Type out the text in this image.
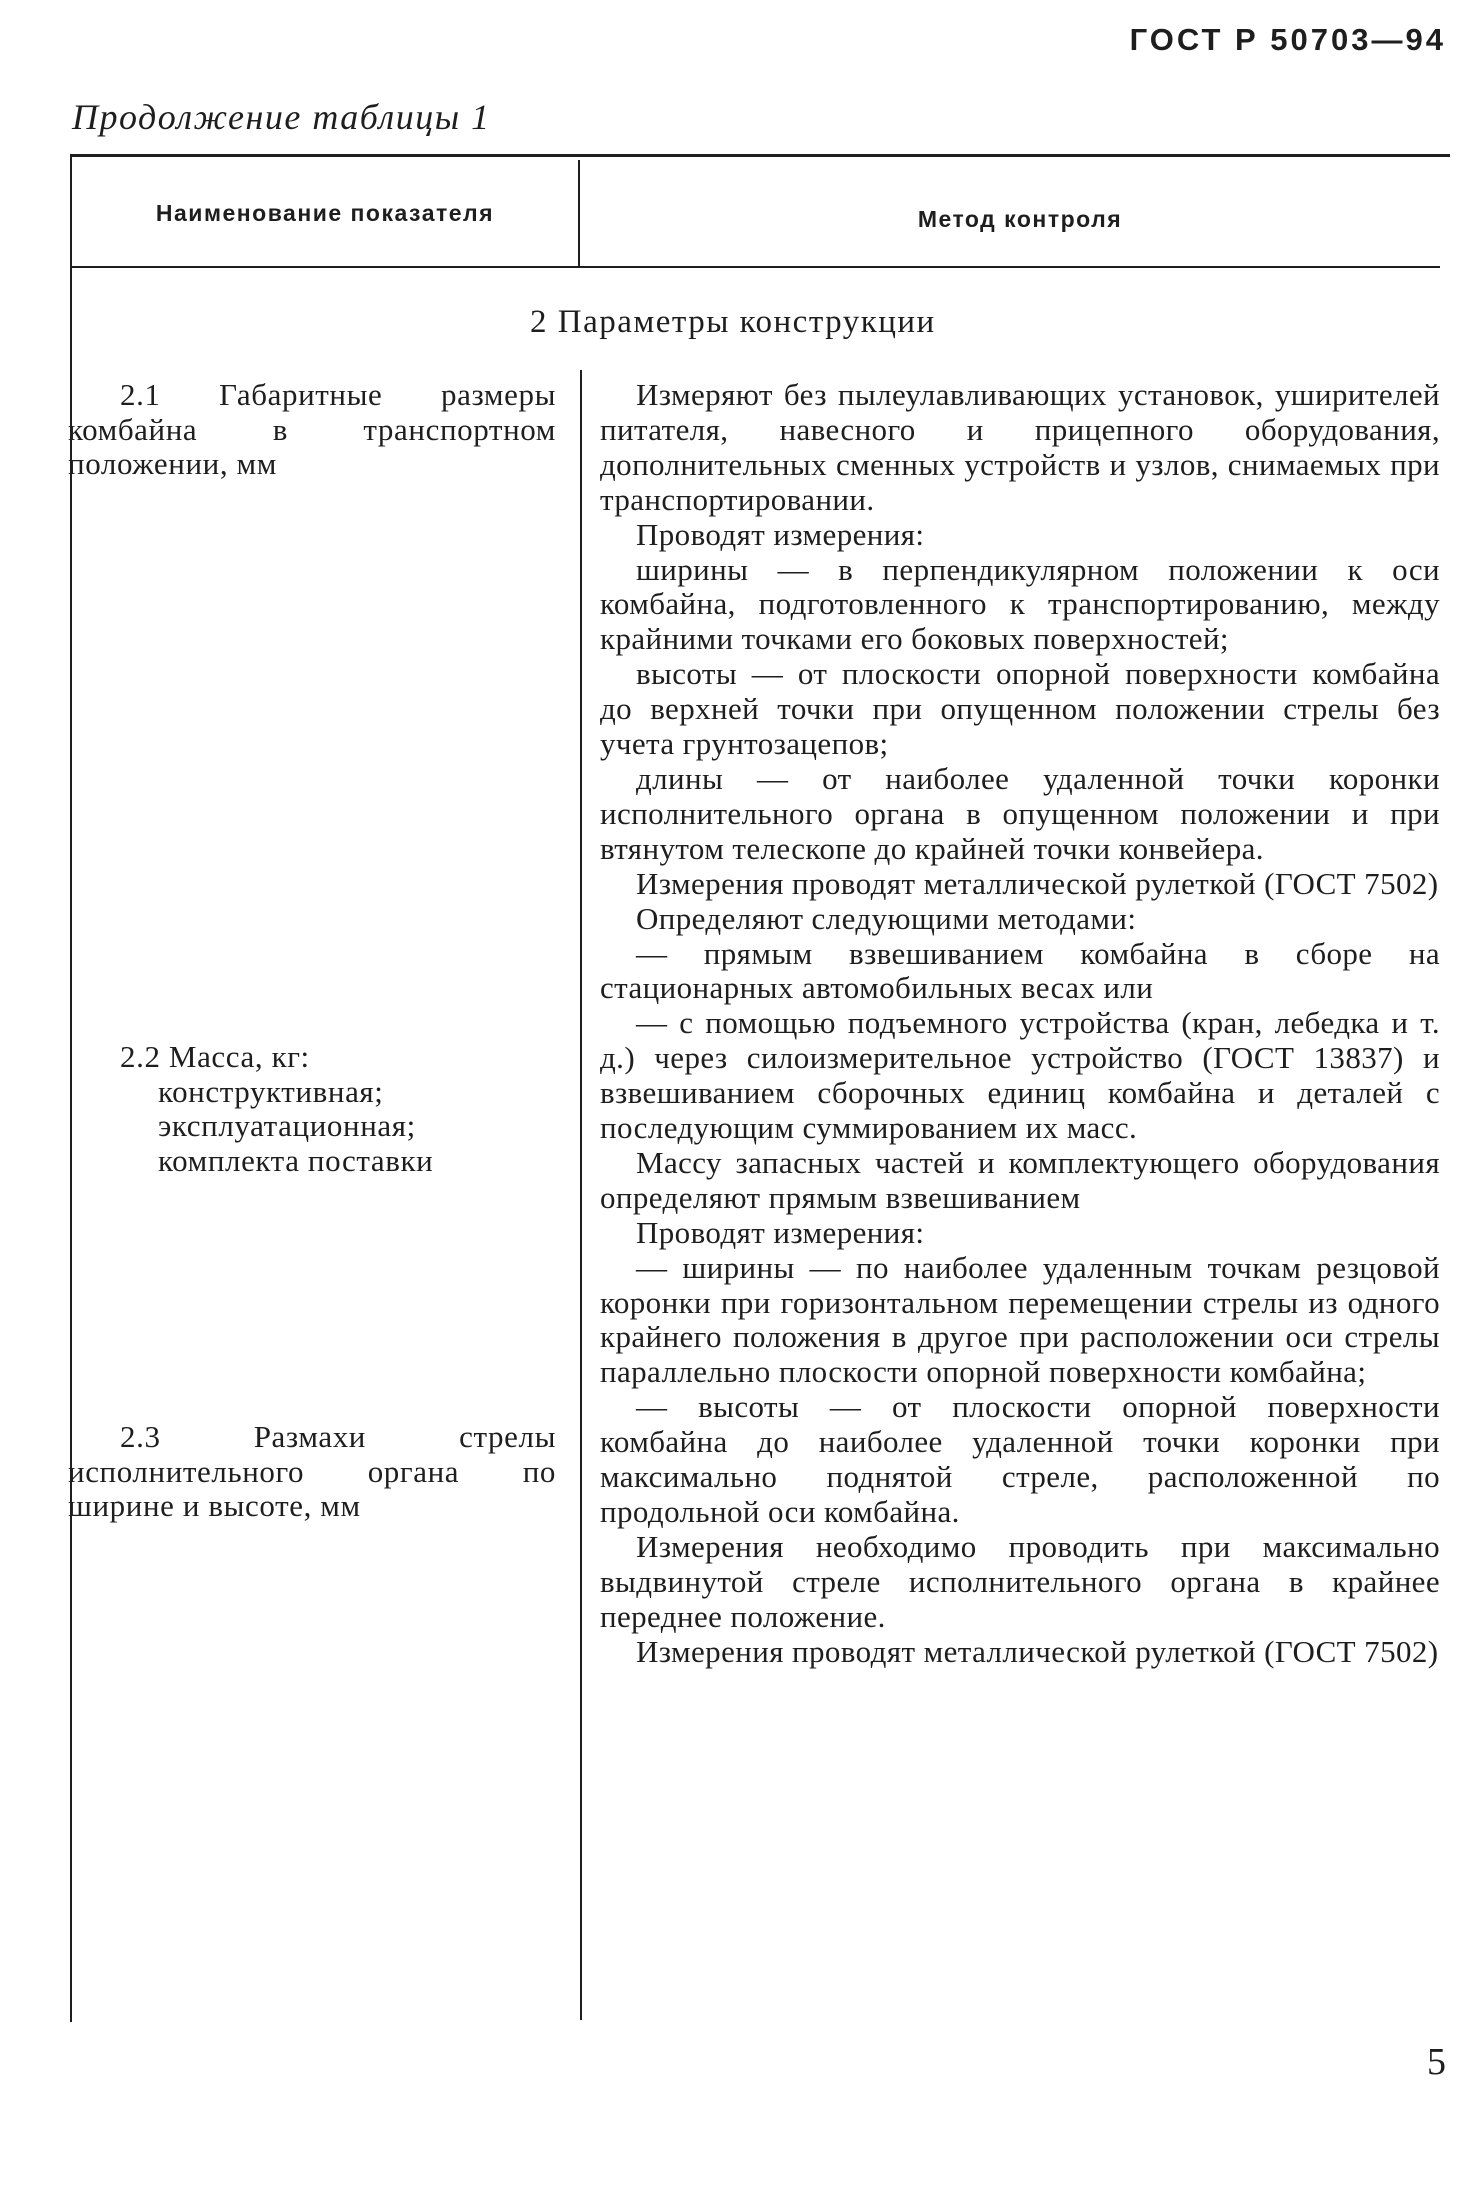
ГОСТ Р 50703—94
Продолжение таблицы 1
Наименование показателя	Метод контроля
2 Параметры конструкции

2.1 Габаритные размеры комбайна в транспортном положении, мм

2.2 Масса, кг:

конструктивная;

эксплуатационная;

комплекта поставки

2.3 Размахи стрелы исполнительного органа по ширине и высоте, мм

Измеряют без пылеулавливающих установок, уширителей питателя, навесного и прицепного оборудования, дополнительных сменных устройств и узлов, снимаемых при транспортировании.

Проводят измерения:

ширины — в перпендикулярном положении к оси комбайна, подготовленного к транспортированию, между крайними точками его боковых поверхностей;

высоты — от плоскости опорной поверхности комбайна до верхней точки при опущенном положении стрелы без учета грунтозацепов;

длины — от наиболее удаленной точки коронки исполнительного органа в опущенном положении и при втянутом телескопе до крайней точки конвейера.

Измерения проводят металлической рулеткой (ГОСТ 7502)

Определяют следующими методами:

— прямым взвешиванием комбайна в сборе на стационарных автомобильных весах или

— с помощью подъемного устройства (кран, лебедка и т. д.) через силоизмерительное устройство (ГОСТ 13837) и взвешиванием сборочных единиц комбайна и деталей с последующим суммированием их масс.

Массу запасных частей и комплектующего оборудования определяют прямым взвешиванием

Проводят измерения:

— ширины — по наиболее удаленным точкам резцовой коронки при горизонтальном перемещении стрелы из одного крайнего положения в другое при расположении оси стрелы параллельно плоскости опорной поверхности комбайна;

— высоты — от плоскости опорной поверхности комбайна до наиболее удаленной точки коронки при максимально поднятой стреле, расположенной по продольной оси комбайна.

Измерения необходимо проводить при максимально выдвинутой стреле исполнительного органа в крайнее переднее положение.

Измерения проводят металлической рулеткой (ГОСТ 7502)

5
